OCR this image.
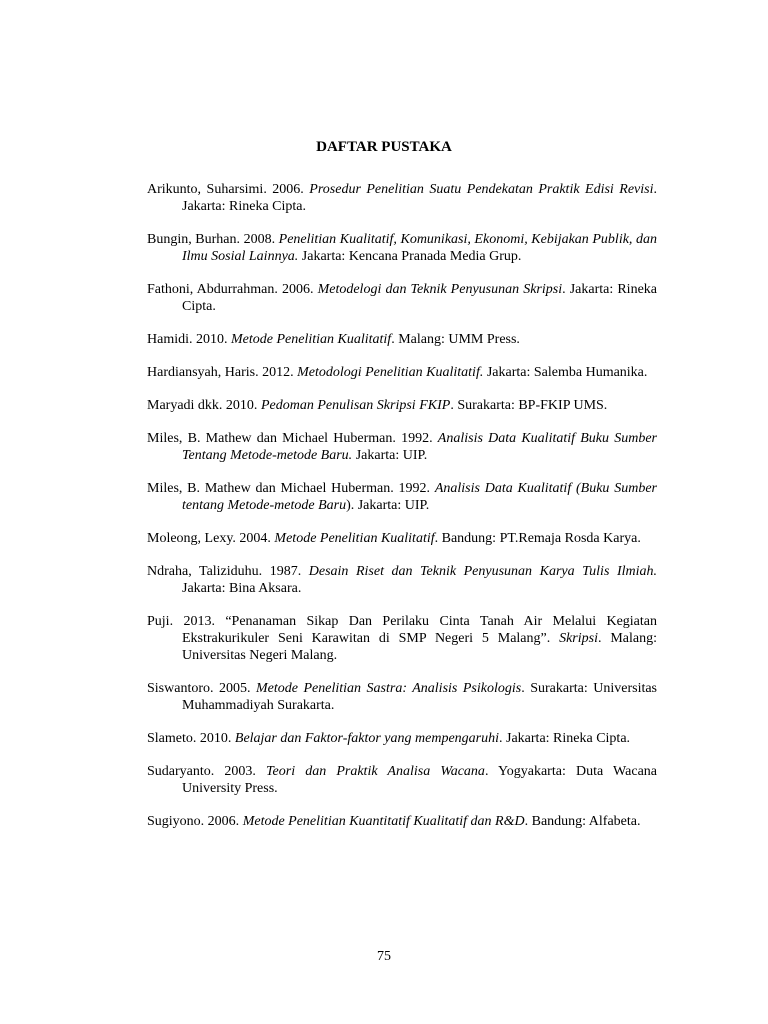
DAFTAR PUSTAKA

Arikunto, Suharsimi. 2006. Prosedur Penelitian Suatu Pendekatan Praktik Edisi Revisi. Jakarta: Rineka Cipta.

Bungin, Burhan. 2008. Penelitian Kualitatif, Komunikasi, Ekonomi, Kebijakan Publik, dan Ilmu Sosial Lainnya. Jakarta: Kencana Pranada Media Grup.

Fathoni, Abdurrahman. 2006. Metodelogi dan Teknik Penyusunan Skripsi. Jakarta: Rineka Cipta.

Hamidi. 2010. Metode Penelitian Kualitatif. Malang: UMM Press.

Hardiansyah, Haris. 2012. Metodologi Penelitian Kualitatif. Jakarta: Salemba Humanika.

Maryadi dkk. 2010. Pedoman Penulisan Skripsi FKIP. Surakarta: BP-FKIP UMS.

Miles, B. Mathew dan Michael Huberman. 1992. Analisis Data Kualitatif Buku Sumber Tentang Metode-metode Baru. Jakarta: UIP.

Miles, B. Mathew dan Michael Huberman. 1992. Analisis Data Kualitatif (Buku Sumber tentang Metode-metode Baru). Jakarta: UIP.

Moleong, Lexy. 2004. Metode Penelitian Kualitatif. Bandung: PT.Remaja Rosda Karya.

Ndraha, Taliziduhu. 1987. Desain Riset dan Teknik Penyusunan Karya Tulis Ilmiah. Jakarta: Bina Aksara.

Puji. 2013. “Penanaman Sikap Dan Perilaku Cinta Tanah Air Melalui Kegiatan Ekstrakurikuler Seni Karawitan di SMP Negeri 5 Malang”. Skripsi. Malang: Universitas Negeri Malang.

Siswantoro. 2005. Metode Penelitian Sastra: Analisis Psikologis. Surakarta: Universitas Muhammadiyah Surakarta.

Slameto. 2010. Belajar dan Faktor-faktor yang mempengaruhi. Jakarta: Rineka Cipta.

Sudaryanto. 2003. Teori dan Praktik Analisa Wacana. Yogyakarta: Duta Wacana University Press.

Sugiyono. 2006. Metode Penelitian Kuantitatif Kualitatif dan R&D. Bandung: Alfabeta.

75
